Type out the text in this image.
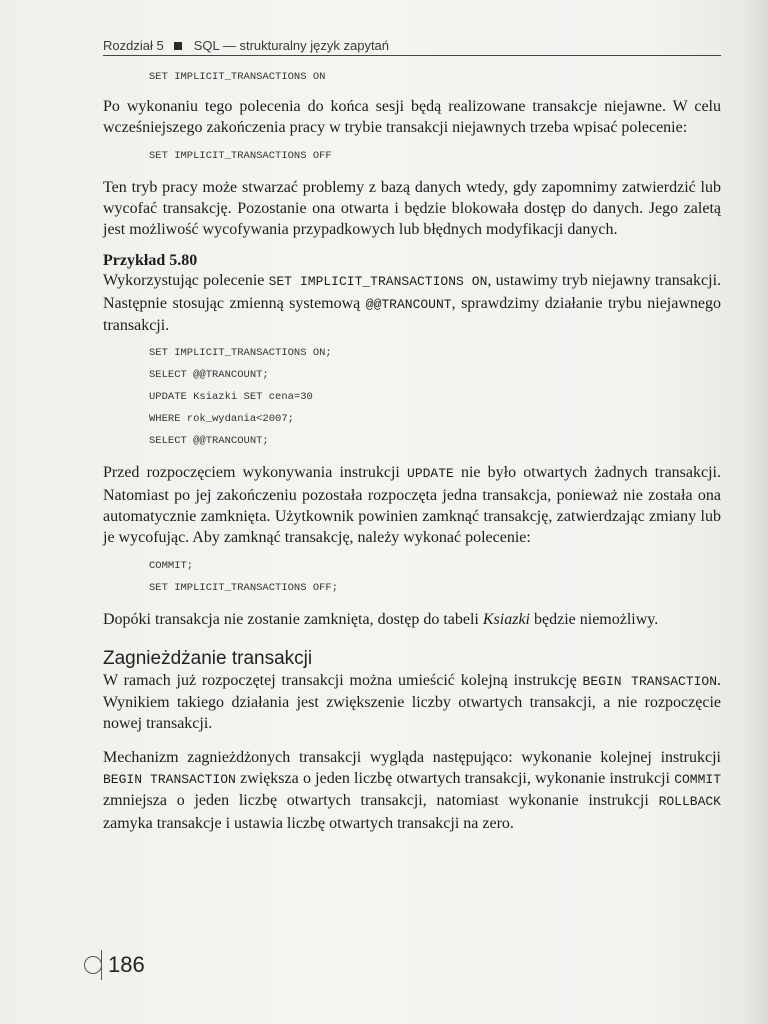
Rozdział 5 SQL — strukturalny język zapytań
SET IMPLICIT_TRANSACTIONS ON

Po wykonaniu tego polecenia do końca sesji będą realizowane transakcje niejawne. W celu wcześniejszego zakończenia pracy w trybie transakcji niejawnych trzeba wpisać polecenie:

SET IMPLICIT_TRANSACTIONS OFF

Ten tryb pracy może stwarzać problemy z bazą danych wtedy, gdy zapomnimy zatwierdzić lub wycofać transakcję. Pozostanie ona otwarta i będzie blokowała dostęp do danych. Jego zaletą jest możliwość wycofywania przypadkowych lub błędnych modyfikacji danych.

Przykład 5.80

Wykorzystując polecenie SET IMPLICIT_TRANSACTIONS ON, ustawimy tryb niejawny transakcji. Następnie stosując zmienną systemową @@TRANCOUNT, sprawdzimy działanie trybu niejawnego transakcji.

SET IMPLICIT_TRANSACTIONS ON;
SELECT @@TRANCOUNT;
UPDATE Ksiazki SET cena=30
WHERE rok_wydania<2007;
SELECT @@TRANCOUNT;

Przed rozpoczęciem wykonywania instrukcji UPDATE nie było otwartych żadnych transakcji. Natomiast po jej zakończeniu pozostała rozpoczęta jedna transakcja, ponieważ nie została ona automatycznie zamknięta. Użytkownik powinien zamknąć transakcję, zatwierdzając zmiany lub je wycofując. Aby zamknąć transakcję, należy wykonać polecenie:

COMMIT;
SET IMPLICIT_TRANSACTIONS OFF;

Dopóki transakcja nie zostanie zamknięta, dostęp do tabeli Ksiazki będzie niemożliwy.

Zagnieżdżanie transakcji

W ramach już rozpoczętej transakcji można umieścić kolejną instrukcję BEGIN TRANSACTION. Wynikiem takiego działania jest zwiększenie liczby otwartych transakcji, a nie rozpoczęcie nowej transakcji.

Mechanizm zagnieżdżonych transakcji wygląda następująco: wykonanie kolejnej instrukcji BEGIN TRANSACTION zwiększa o jeden liczbę otwartych transakcji, wykonanie instrukcji COMMIT zmniejsza o jeden liczbę otwartych transakcji, natomiast wykonanie instrukcji ROLLBACK zamyka transakcje i ustawia liczbę otwartych transakcji na zero.

186
